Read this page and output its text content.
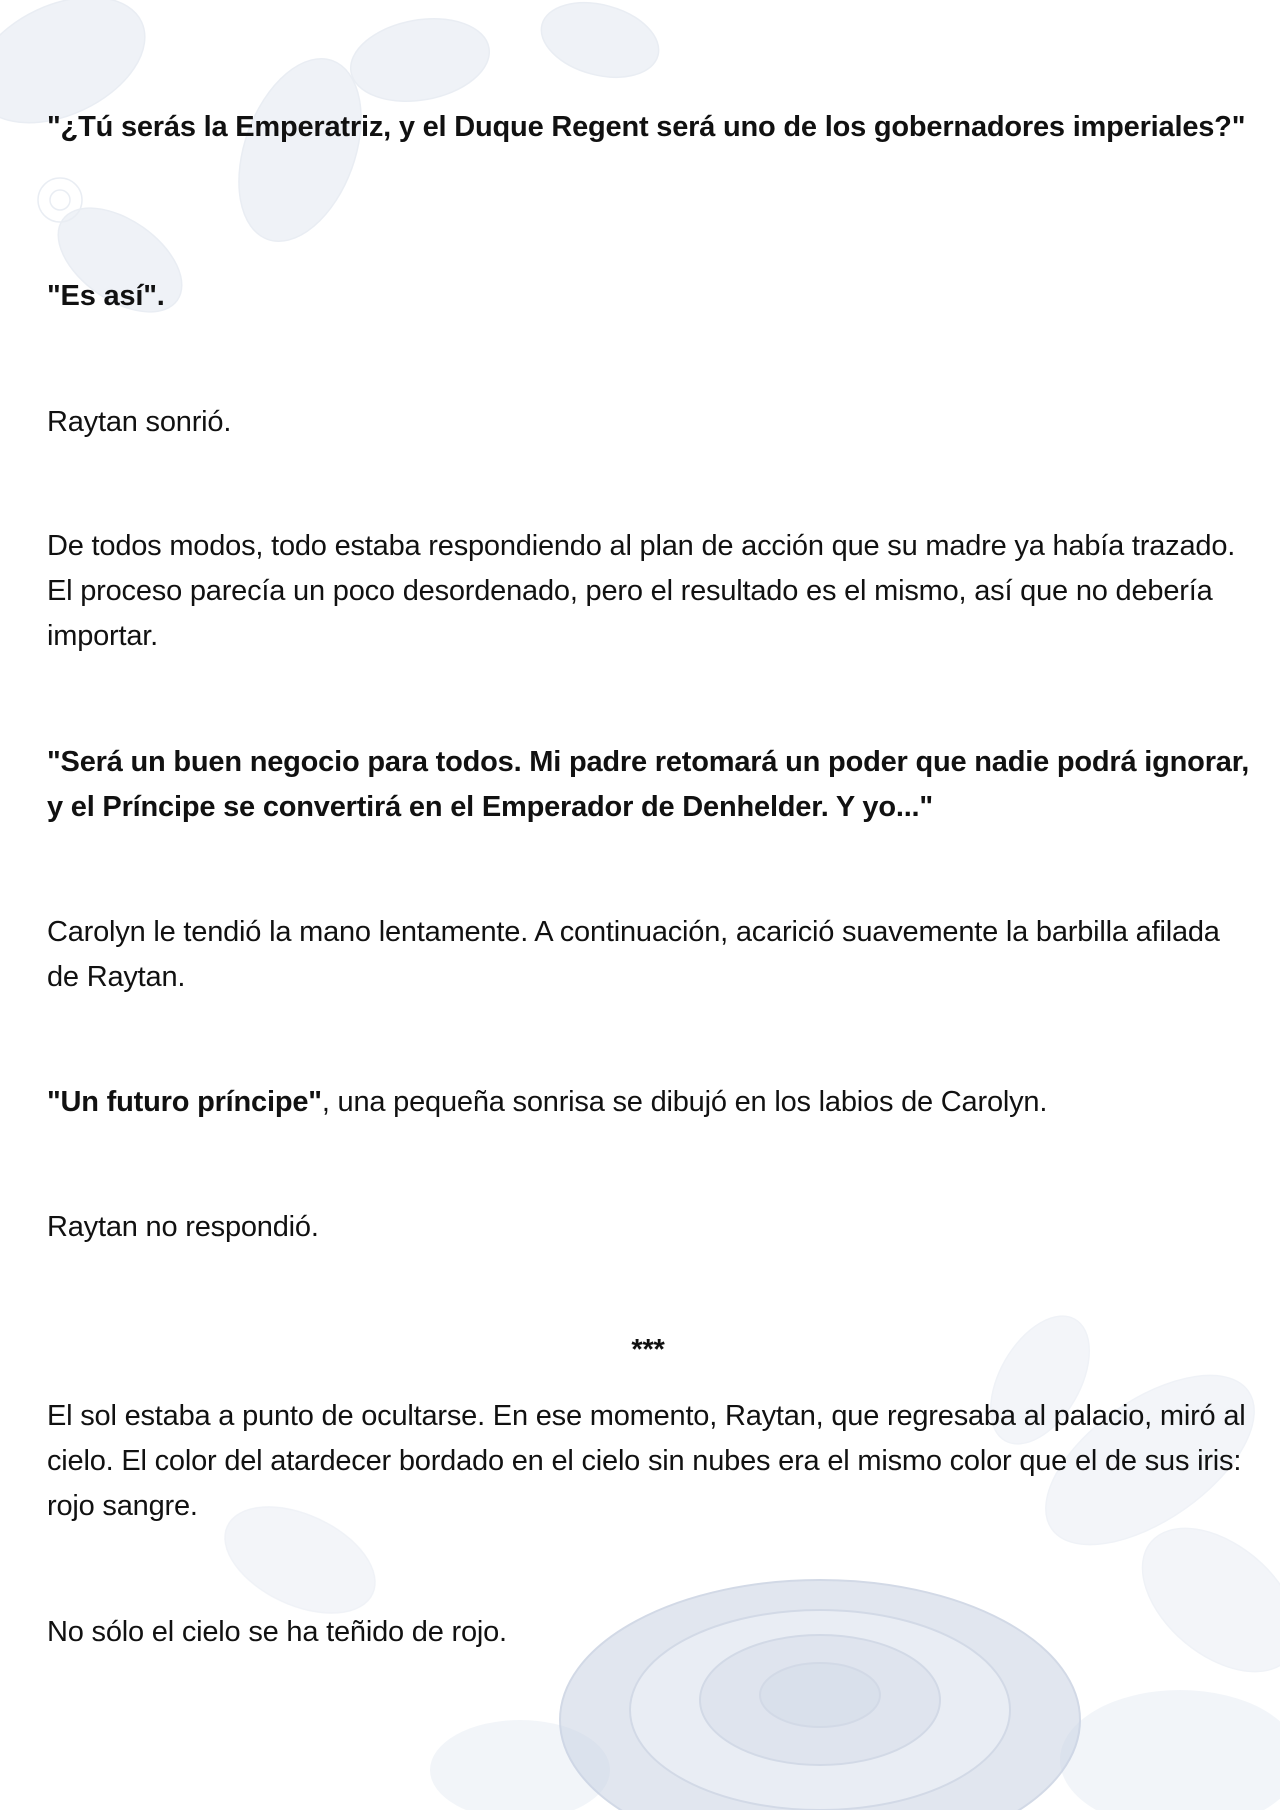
"¿Tú serás la Emperatriz, y el Duque Regent será uno de los gobernadores imperiales?"

"Es así".

Raytan sonrió.

De todos modos, todo estaba respondiendo al plan de acción que su madre ya había trazado. El proceso parecía un poco desordenado, pero el resultado es el mismo, así que no debería importar.

"Será un buen negocio para todos. Mi padre retomará un poder que nadie podrá ignorar, y el Príncipe se convertirá en el Emperador de Denhelder. Y yo..."

Carolyn le tendió la mano lentamente. A continuación, acarició suavemente la barbilla afilada de Raytan.

"Un futuro príncipe", una pequeña sonrisa se dibujó en los labios de Carolyn.

Raytan no respondió.

***

El sol estaba a punto de ocultarse. En ese momento, Raytan, que regresaba al palacio, miró al cielo. El color del atardecer bordado en el cielo sin nubes era el mismo color que el de sus iris: rojo sangre.

No sólo el cielo se ha teñido de rojo.
